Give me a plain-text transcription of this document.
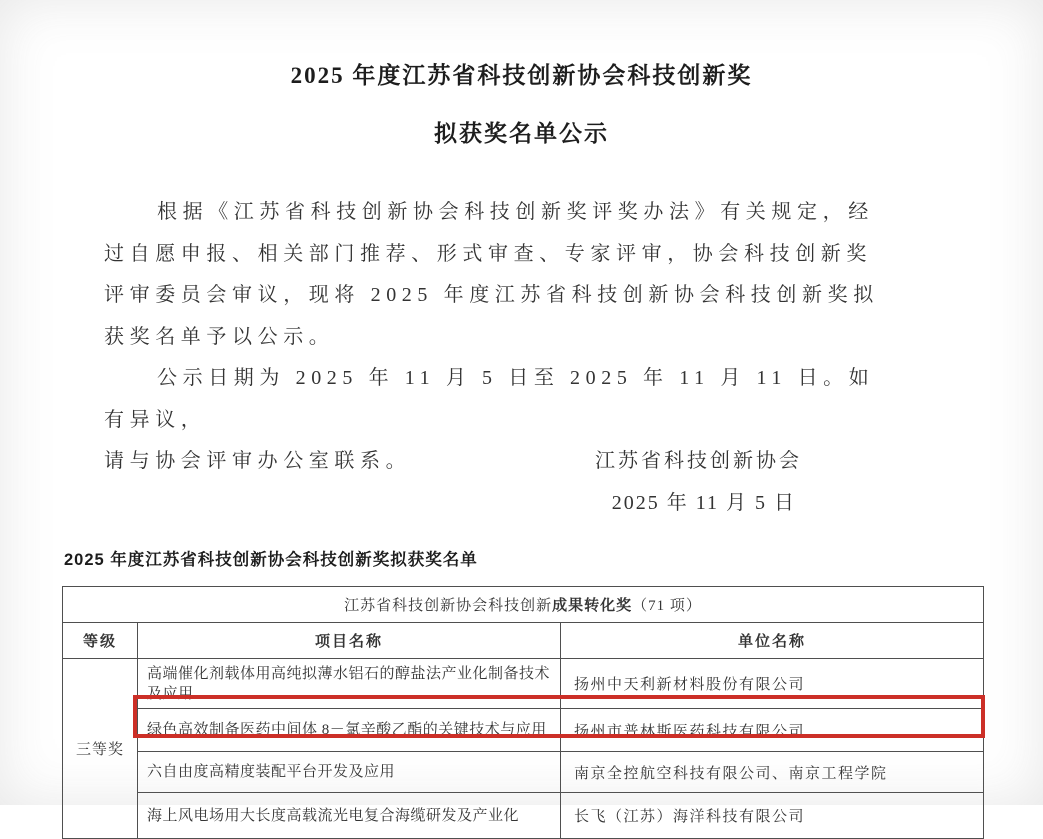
2025 年度江苏省科技创新协会科技创新奖
拟获奖名单公示
根据《江苏省科技创新协会科技创新奖评奖办法》有关规定，经
过自愿申报、相关部门推荐、形式审查、专家评审，协会科技创新奖
评审委员会审议，现将 2025 年度江苏省科技创新协会科技创新奖拟
获奖名单予以公示。
公示日期为 2025 年 11 月 5 日至 2025 年 11 月 11 日。如有异议，
请与协会评审办公室联系。	江苏省科技创新协会
2025 年 11 月 5 日
2025 年度江苏省科技创新协会科技创新奖拟获奖名单
江苏省科技创新协会科技创新成果转化奖（71 项）		
等级	项目名称	单位名称
三等奖	高端催化剂载体用高纯拟薄水铝石的醇盐法产业化制备技术及应用	扬州中天利新材料股份有限公司
	绿色高效制备医药中间体 8－氯辛酸乙酯的关键技术与应用	扬州市普林斯医药科技有限公司
	六自由度高精度装配平台开发及应用	南京全控航空科技有限公司、南京工程学院
	海上风电场用大长度高载流光电复合海缆研发及产业化	长飞（江苏）海洋科技有限公司
